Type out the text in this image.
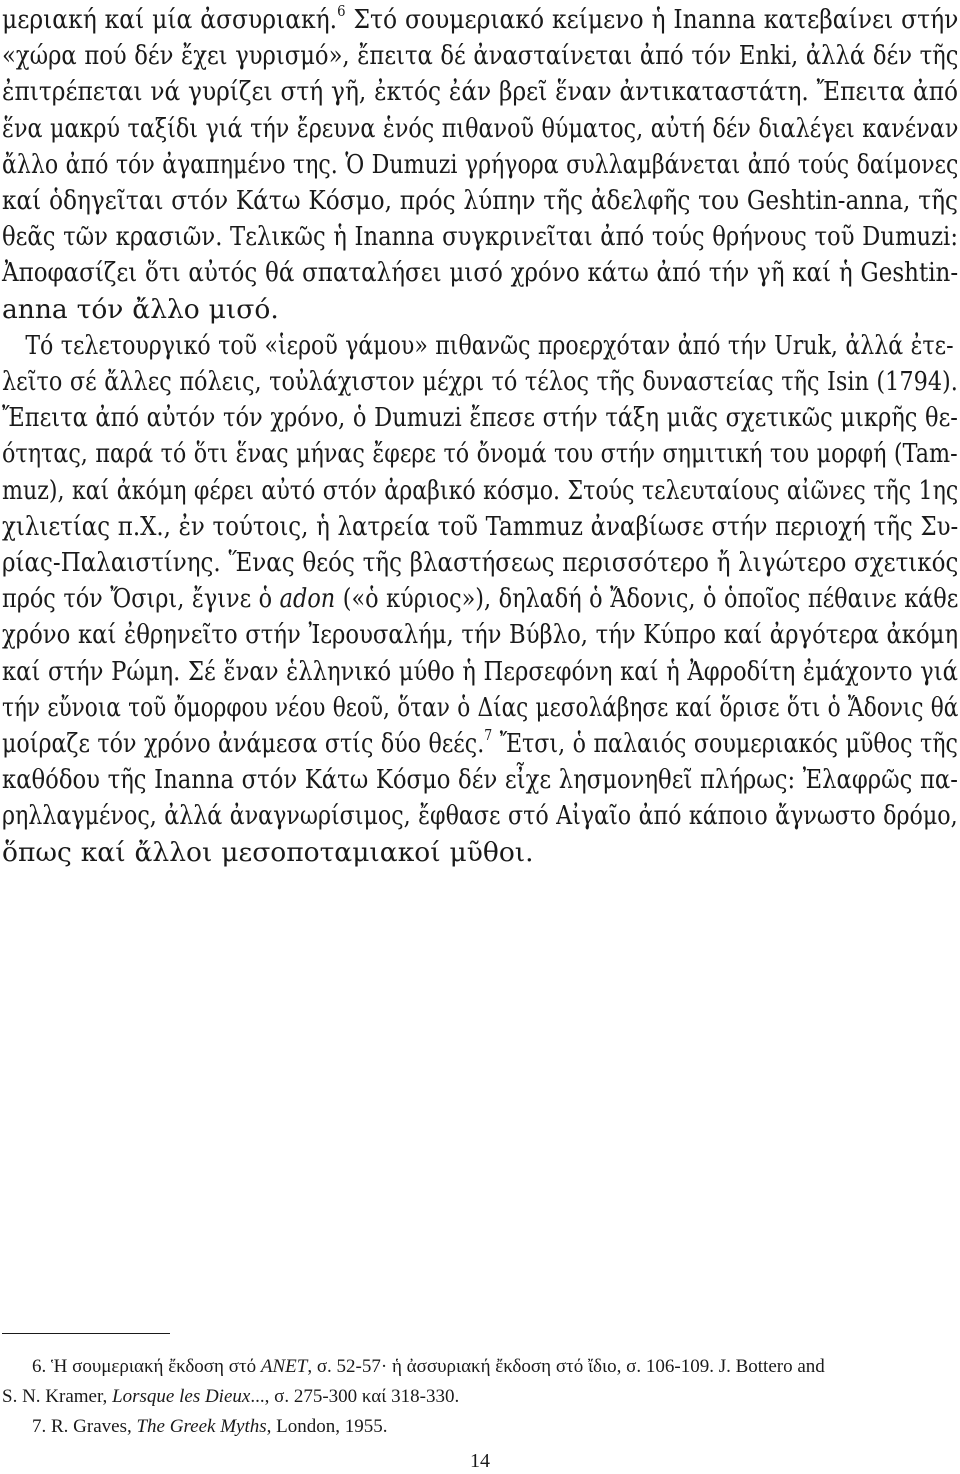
μεριακή καί μία ἀσσυριακή.$^6$ Στό σουμεριακό κείμενο ἡ Inanna κατεβαίνει στήν
«χώρα πού δέν ἔχει γυρισμό», ἔπειτα δέ ἀνασταίνεται ἀπό τόν Enki, ἀλλά δέν τῆς
ἐπιτρέπεται νά γυρίζει στή γῆ, ἐκτός ἐάν βρεῖ ἕναν ἀντικαταστάτη. Ἔπειτα ἀπό
ἕνα μακρύ ταξίδι γιά τήν ἔρευνα ἑνός πιθανοῦ θύματος, αὐτή δέν διαλέγει κανέναν
ἄλλο ἀπό τόν ἀγαπημένο της. Ὁ Dumuzi γρήγορα συλλαμβάνεται ἀπό τούς δαίμονες
καί ὁδηγεῖται στόν Κάτω Κόσμο, πρός λύπην τῆς ἀδελφῆς του Geshtin-anna, τῆς
θεᾶς τῶν κρασιῶν. Τελικῶς ἡ Inanna συγκρινεῖται ἀπό τούς θρήνους τοῦ Dumuzi:
Ἀποφασίζει ὅτι αὐτός θά σπαταλήσει μισό χρόνο κάτω ἀπό τήν γῆ καί ἡ Geshtin-
anna τόν ἄλλο μισό.

Τό τελετουργικό τοῦ «ἱεροῦ γάμου» πιθανῶς προερχόταν ἀπό τήν Uruk, ἀλλά ἐτε-
λεῖτο σέ ἄλλες πόλεις, τοὐλάχιστον μέχρι τό τέλος τῆς δυναστείας τῆς Isin (1794).
Ἔπειτα ἀπό αὐτόν τόν χρόνο, ὁ Dumuzi ἔπεσε στήν τάξη μιᾶς σχετικῶς μικρῆς θε-
ότητας, παρά τό ὅτι ἕνας μήνας ἔφερε τό ὄνομά του στήν σημιτική του μορφή (Tam-
muz), καί ἀκόμη φέρει αὐτό στόν ἀραβικό κόσμο. Στούς τελευταίους αἰῶνες τῆς 1ης
χιλιετίας π.Χ., ἐν τούτοις, ἡ λατρεία τοῦ Tammuz ἀναβίωσε στήν περιοχή τῆς Συ-
ρίας-Παλαιστίνης. Ἕνας θεός τῆς βλαστήσεως περισσότερο ἤ λιγώτερο σχετικός
πρός τόν Ὄσιρι, ἔγινε ὁ adon («ὁ κύριος»), δηλαδή ὁ Ἄδονις, ὁ ὁποῖος πέθαινε κάθε
χρόνο καί ἐθρηνεῖτο στήν Ἰερουσαλήμ, τήν Βύβλο, τήν Κύπρο καί ἀργότερα ἀκόμη
καί στήν Ρώμη. Σέ ἕναν ἑλληνικό μύθο ἡ Περσεφόνη καί ἡ Ἀφροδίτη ἐμάχοντο γιά
τήν εὔνοια τοῦ ὄμορφου νέου θεοῦ, ὅταν ὁ Δίας μεσολάβησε καί ὅρισε ὅτι ὁ Ἄδονις θά
μοίραζε τόν χρόνο ἀνάμεσα στίς δύο θεές.$^7$ Ἔτσι, ὁ παλαιός σουμεριακός μῦθος τῆς
καθόδου τῆς Inanna στόν Κάτω Κόσμο δέν εἶχε λησμονηθεῖ πλήρως: Ἐλαφρῶς πα-
ρηλλαγμένος, ἀλλά ἀναγνωρίσιμος, ἔφθασε στό Αἰγαῖο ἀπό κάποιο ἄγνωστο δρόμο,
ὅπως καί ἄλλοι μεσοποταμιακοί μῦθοι.

6. Ἡ σουμεριακή ἔκδοση στό ANET, σ. 52-57· ἡ ἀσσυριακή ἔκδοση στό ἴδιο, σ. 106-109. J. Bottero and
S. N. Kramer, Lorsque les Dieux..., σ. 275-300 καί 318-330.
7. R. Graves, The Greek Myths, London, 1955.
14
